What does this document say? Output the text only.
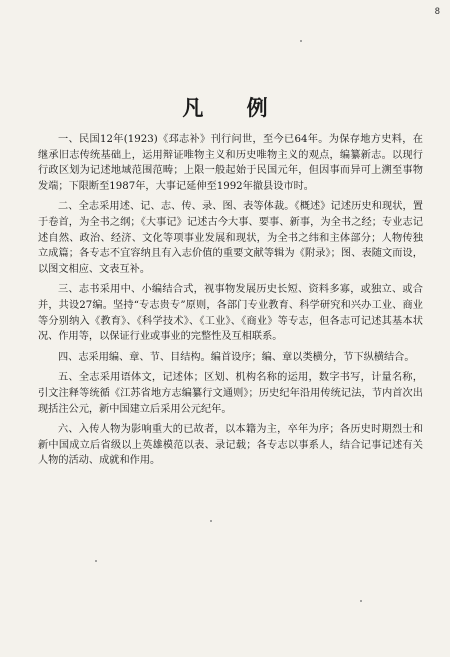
8
凡 例

一、民国12年(1923)《邳志补》刊行问世，至今已64年。为保存地方史料，在继承旧志传统基础上，运用辩证唯物主义和历史唯物主义的观点，编纂新志。以现行行政区划为记述地域范围范畴；上限一般起始于民国元年，但因事而异可上溯至事物发端；下限断至1987年，大事记延伸至1992年撤县设市时。

二、全志采用述、记、志、传、录、图、表等体裁。《概述》记述历史和现状，置于卷首，为全书之纲；《大事记》记述古今大事、要事、新事，为全书之经；专业志记述自然、政治、经济、文化等项事业发展和现状，为全书之纬和主体部分；人物传独立成篇；各专志不宜容纳且有入志价值的重要文献等辑为《附录》；图、表随文而设，以图文相应、文表互补。

三、志书采用中、小编结合式，视事物发展历史长短、资料多寡，或独立、或合并，共设27编。坚持“专志贵专”原则，各部门专业教育、科学研究和兴办工业、商业等分别纳入《教育》、《科学技术》、《工业》、《商业》等专志，但各志可记述其基本状况、作用等，以保证行业或事业的完整性及互相联系。

四、志采用编、章、节、目结构。编首设序；编、章以类横分，节下纵横结合。

五、全志采用语体文，记述体；区划、机构名称的运用，数字书写，计量名称，引文注释等统循《江苏省地方志编纂行文通则》；历史纪年沿用传统记法，节内首次出现括注公元，新中国建立后采用公元纪年。

六、入传人物为影响重大的已故者，以本籍为主，卒年为序；各历史时期烈士和新中国成立后省级以上英雄模范以表、录记载；各专志以事系人，结合记事记述有关人物的活动、成就和作用。
